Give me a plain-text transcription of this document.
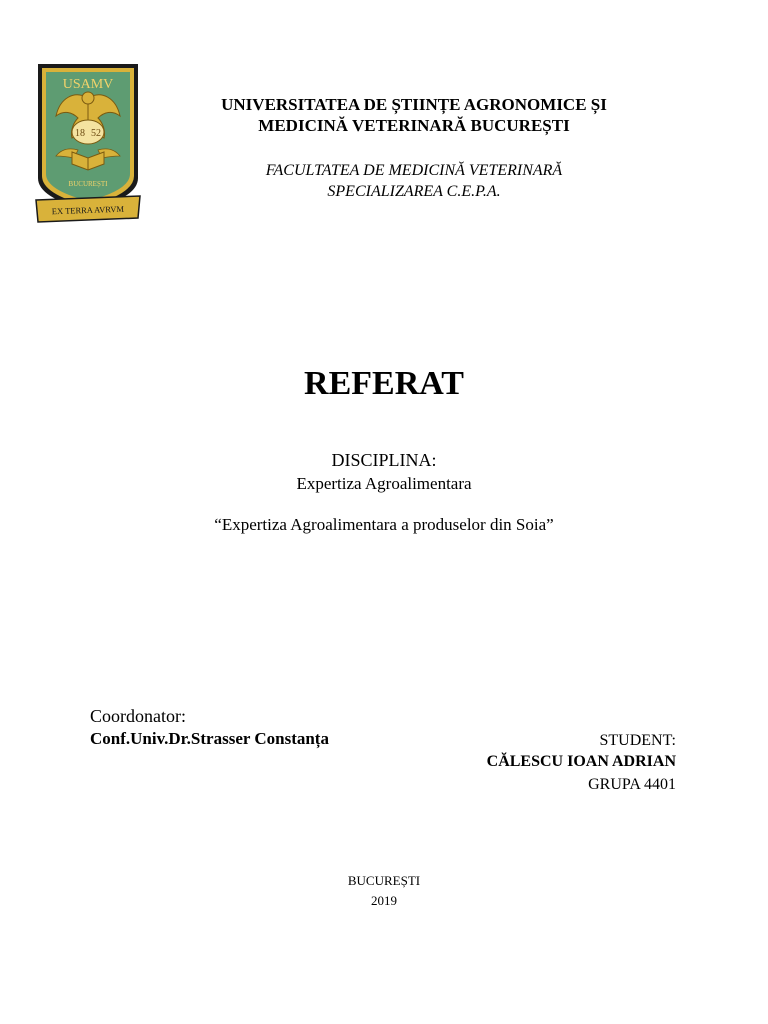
USAMV
18 52
BUCUREȘTI
EX TERRA AVRVM
UNIVERSITATEA DE ȘTIINȚE AGRONOMICE ȘI
MEDICINĂ VETERINARĂ BUCUREȘTI
FACULTATEA DE MEDICINĂ VETERINARĂ
SPECIALIZAREA C.E.P.A.
REFERAT
DISCIPLINA:
Expertiza Agroalimentara
“Expertiza Agroalimentara a produselor din Soia”
Coordonator:
Conf.Univ.Dr.Strasser Constanța	STUDENT:
CĂLESCU IOAN ADRIAN
GRUPA 4401
BUCUREȘTI
2019
